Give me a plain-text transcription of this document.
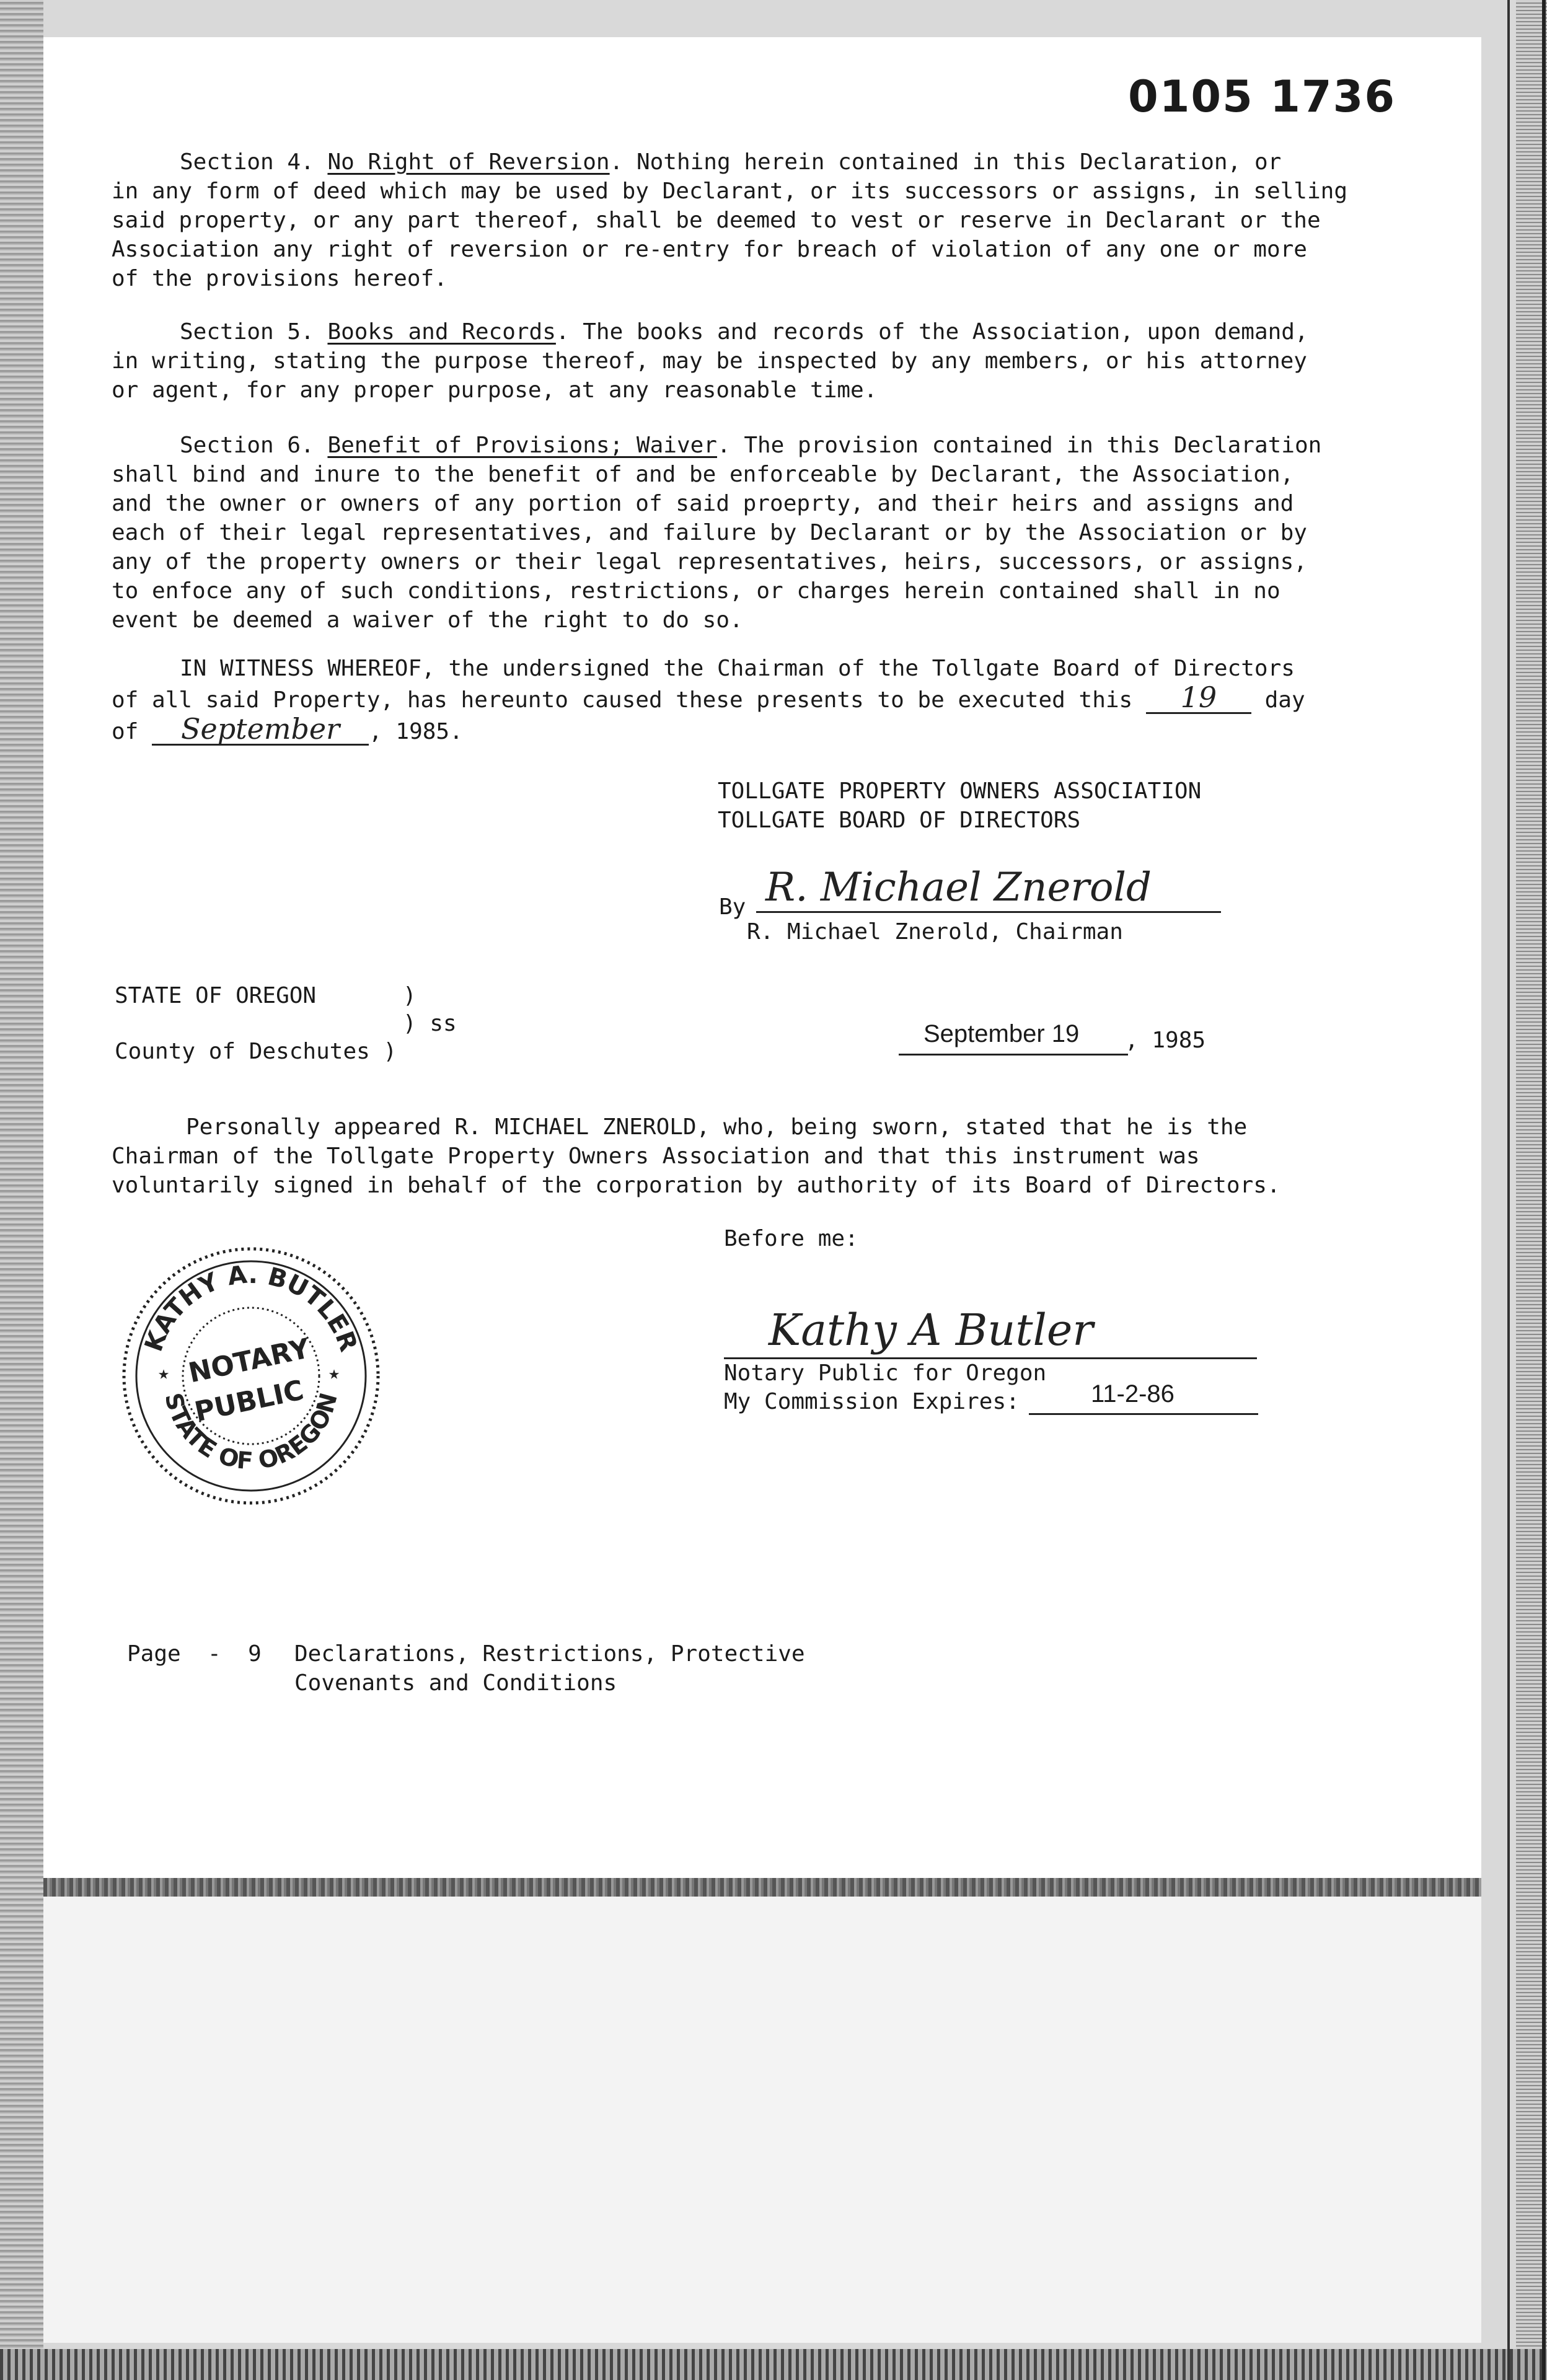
0105 1736
Section 4. No Right of Reversion. Nothing herein contained in this Declaration, or
in any form of deed which may be used by Declarant, or its successors or assigns, in selling
said property, or any part thereof, shall be deemed to vest or reserve in Declarant or the
Association any right of reversion or re-entry for breach of violation of any one or more
of the provisions hereof.
Section 5. Books and Records. The books and records of the Association, upon demand,
in writing, stating the purpose thereof, may be inspected by any members, or his attorney
or agent, for any proper purpose, at any reasonable time.
Section 6. Benefit of Provisions; Waiver. The provision contained in this Declaration
shall bind and inure to the benefit of and be enforceable by Declarant, the Association,
and the owner or owners of any portion of said proeprty, and their heirs and assigns and
each of their legal representatives, and failure by Declarant or by the Association or by
any of the property owners or their legal representatives, heirs, successors, or assigns,
to enfoce any of such conditions, restrictions, or charges herein contained shall in no
event be deemed a waiver of the right to do so.
IN WITNESS WHEREOF, the undersigned the Chairman of the Tollgate Board of Directors
of all said Property, has hereunto caused these presents to be executed this 19 day
of September , 1985.
TOLLGATE PROPERTY OWNERS ASSOCIATION
TOLLGATE BOARD OF DIRECTORS
By R. Michael Znerold
R. Michael Znerold, Chairman
STATE OF OREGON	)
) ss
County of Deschutes )
September 19 , 1985
Personally appeared R. MICHAEL ZNEROLD, who, being sworn, stated that he is the
Chairman of the Tollgate Property Owners Association and that this instrument was
voluntarily signed in behalf of the corporation by authority of its Board of Directors.
Before me:
Kathy A Butler
Notary Public for Oregon
My Commission Expires:	11-2-86
KATHY A. BUTLER
STATE OF OREGON
NOTARY
PUBLIC
★	★
Page  -  9 Declarations, Restrictions, Protective
Covenants and Conditions
